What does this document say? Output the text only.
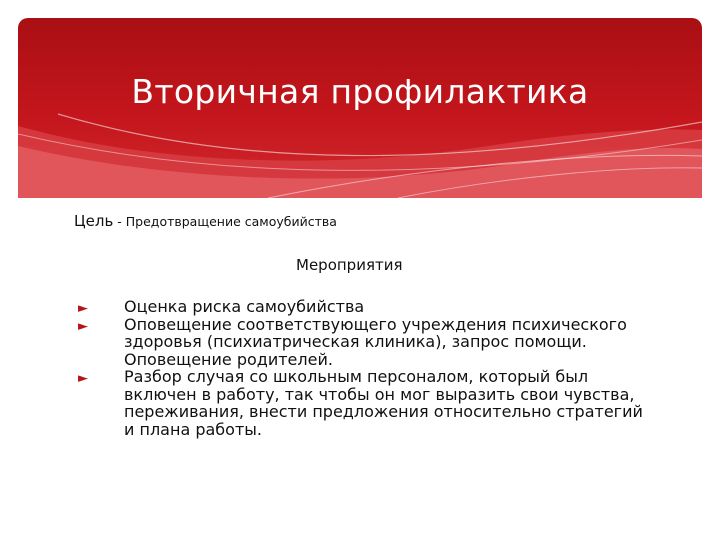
Вторичная профилактика
Цель - Предотвращение самоубийства
Мероприятия
► Оценка риска самоубийства
► Оповещение соответствующего учреждения психического здоровья (психиатрическая клиника), запрос помощи. Оповещение родителей.
► Разбор случая со школьным персоналом, который был включен в работу, так чтобы он мог выразить свои чувства, переживания, внести предложения относительно стратегий и плана работы.
